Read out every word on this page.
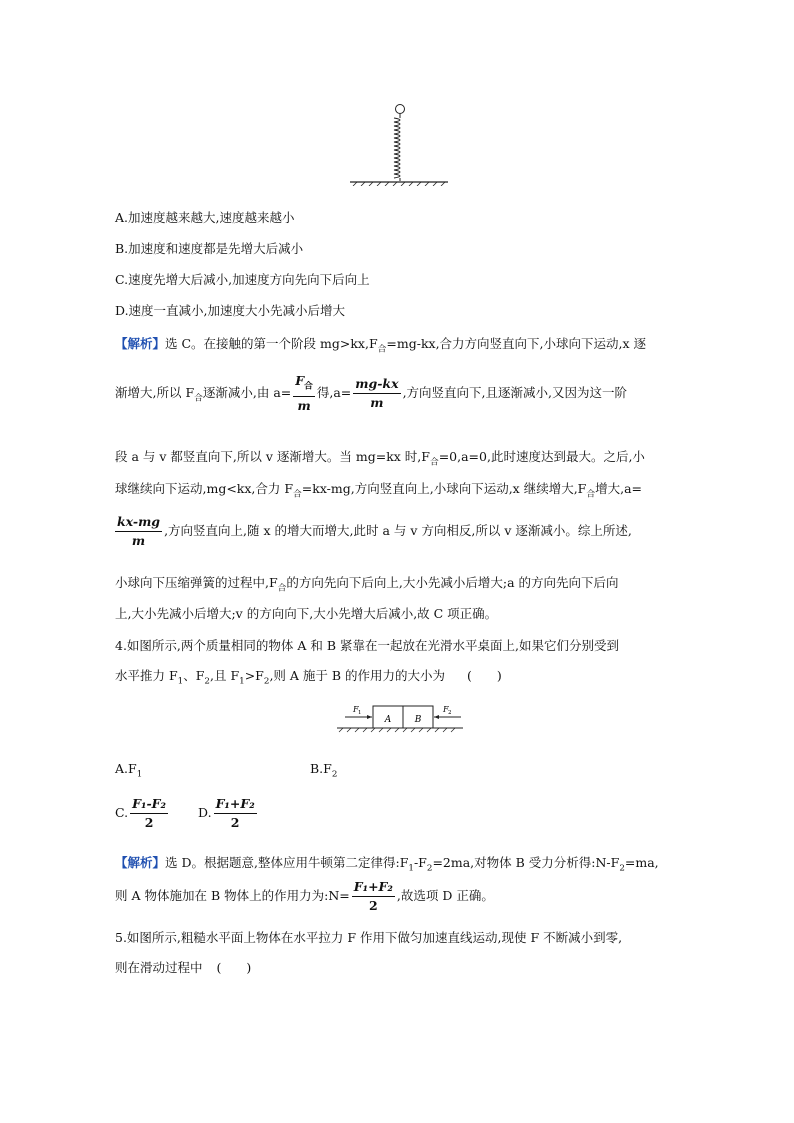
A.加速度越来越大,速度越来越小
B.加速度和速度都是先增大后减小
C.速度先增大后减小,加速度方向先向下后向上
D.速度一直减小,加速度大小先减小后增大
【解析】选 C。在接触的第一个阶段 $mg>kx,F_合=mg-kx$,合力方向竖直向下,小球向下运动,x 逐
渐增大,所以 $F_合$逐渐减小,由 $a= \frac{F_合}{m}$ 得$,a= \frac{mg-kx}{m}$ ,方向竖直向下,且逐渐减小,又因为这一阶
段 a 与 v 都竖直向下,所以 v 逐渐增大。当 mg=kx 时$,F_合=0,a=0$,此时速度达到最大。之后,小
球继续向下运动,mg<kx,合力 $F_合=kx-mg$,方向竖直向上,小球向下运动,x 继续增大$,F_合$增大,a=
$\frac{kx-mg}{m}$ ,方向竖直向上,随 x 的增大而增大,此时 a 与 v 方向相反,所以 v 逐渐减小。综上所述,
小球向下压缩弹簧的过程中$,F_合$的方向先向下后向上,大小先减小后增大;a 的方向先向下后向
上,大小先减小后增大;v 的方向向下,大小先增大后减小,故 C 项正确。
4.如图所示,两个质量相同的物体 A 和 B 紧靠在一起放在光滑水平桌面上,如果它们分别受到
水平推力 $F_1$、$F_2$,且 $F_1>F_2$,则 A 施于 B 的作用力的大小为 (　　)
A	B
F 1	F 2
$A.F_1$	$B.F_2$
C. $\frac{\text{F₁-F₂}}{2} D$. $\frac{\text{F₁+F₂}}{2}$
【解析】选 D。根据题意,整体应用牛顿第二定律得$:F_1-F_2=2ma$,对物体 B 受力分析得$:N-F_2=ma$,
则 A 物体施加在 B 物体上的作用力为:N= $\frac{\text{F₁+F₂}}{2}$ ,故选项 D 正确。
5.如图所示,粗糙水平面上物体在水平拉力 F 作用下做匀加速直线运动,现使 F 不断减小到零,
则在滑动过程中 (　　)
